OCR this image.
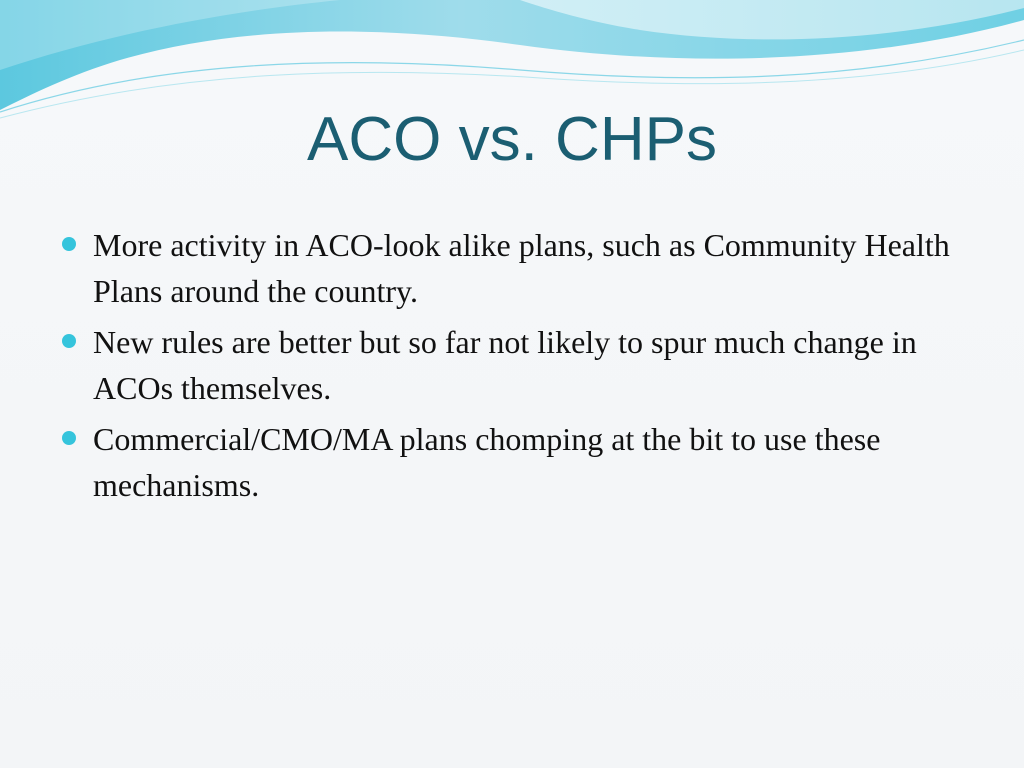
ACO vs. CHPs
More activity in ACO-look alike plans, such as Community Health Plans around the country.
New rules are better but so far not likely to spur much change in ACOs themselves.
Commercial/CMO/MA plans chomping at the bit to use these mechanisms.
